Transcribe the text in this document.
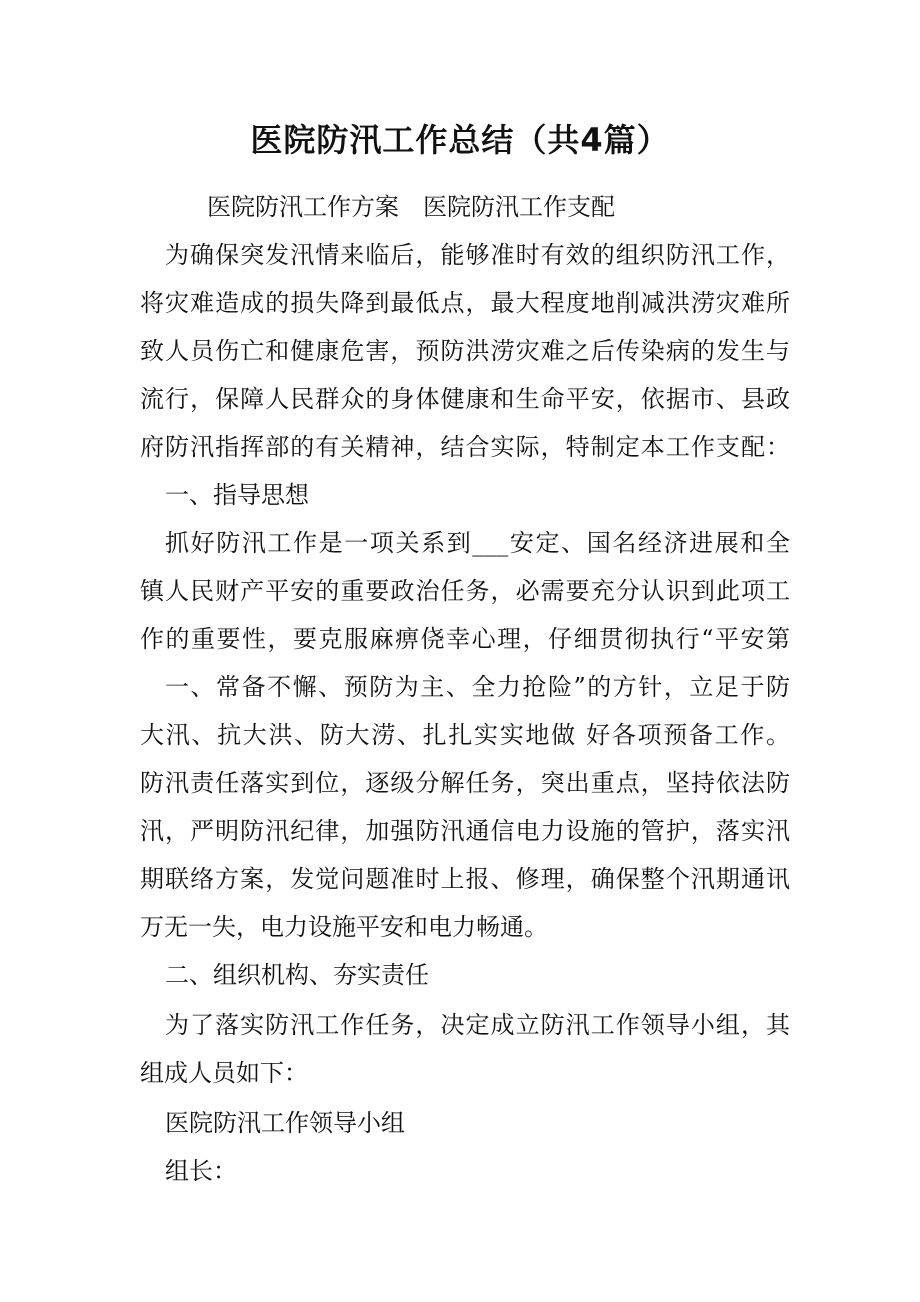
医院防汛工作总结（共4篇）
医院防汛工作方案 医院防汛工作支配
为确保突发汛情来临后，能够准时有效的组织防汛工作，
将灾难造成的损失降到最低点，最大程度地削减洪涝灾难所
致人员伤亡和健康危害，预防洪涝灾难之后传染病的发生与
流行，保障人民群众的身体健康和生命平安，依据市、县政
府防汛指挥部的有关精神，结合实际，特制定本工作支配：
一、指导思想
抓好防汛工作是一项关系到___安定、国名经济进展和全
镇人民财产平安的重要政治任务，必需要充分认识到此项工
作的重要性，要克服麻痹侥幸心理，仔细贯彻执行“平安第
一、常备不懈、预防为主、全力抢险”的方针，立足于防
大汛、抗大洪、防大涝、扎扎实实地做 好各项预备工作。
防汛责任落实到位，逐级分解任务，突出重点，坚持依法防
汛，严明防汛纪律，加强防汛通信电力设施的管护，落实汛
期联络方案，发觉问题准时上报、修理，确保整个汛期通讯
万无一失，电力设施平安和电力畅通。
二、组织机构、夯实责任
为了落实防汛工作任务，决定成立防汛工作领导小组，其
组成人员如下：
医院防汛工作领导小组
组长：
